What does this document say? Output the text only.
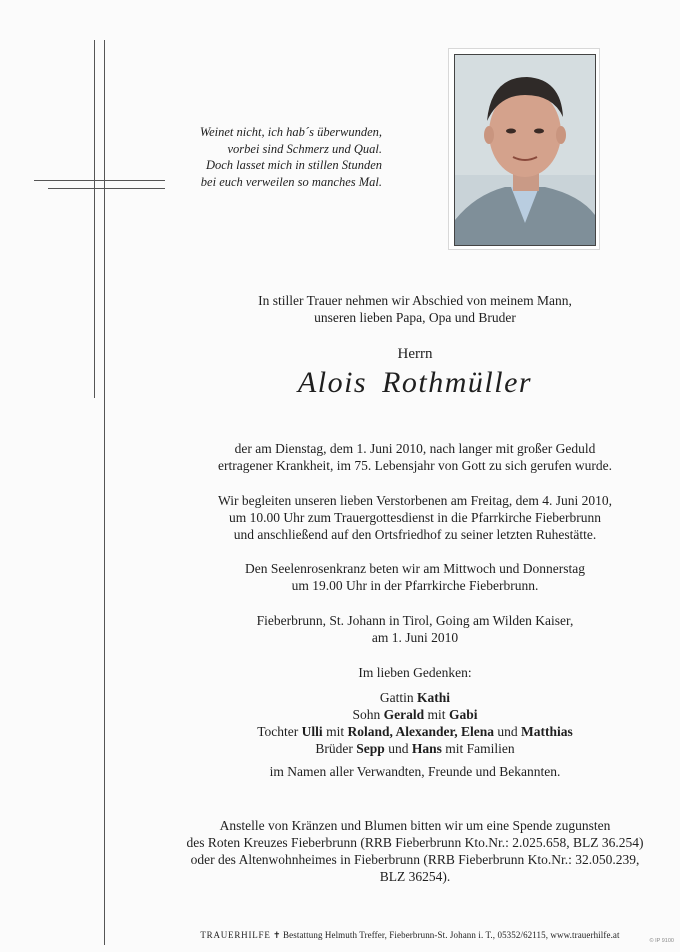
Weinet nicht, ich hab´s überwunden,
vorbei sind Schmerz und Qual.
Doch lasset mich in stillen Stunden
bei euch verweilen so manches Mal.
In stiller Trauer nehmen wir Abschied von meinem Mann,
unseren lieben Papa, Opa und Bruder
Herrn
Alois Rothmüller
der am Dienstag, dem 1. Juni 2010, nach langer mit großer Geduld
ertragener Krankheit, im 75. Lebensjahr von Gott zu sich gerufen wurde.
Wir begleiten unseren lieben Verstorbenen am Freitag, dem 4. Juni 2010,
um 10.00 Uhr zum Trauergottesdienst in die Pfarrkirche Fieberbrunn
und anschließend auf den Ortsfriedhof zu seiner letzten Ruhestätte.
Den Seelenrosenkranz beten wir am Mittwoch und Donnerstag
um 19.00 Uhr in der Pfarrkirche Fieberbrunn.
Fieberbrunn, St. Johann in Tirol, Going am Wilden Kaiser,
am 1. Juni 2010
Im lieben Gedenken:
Gattin Kathi
Sohn Gerald mit Gabi
Tochter Ulli mit Roland, Alexander, Elena und Matthias
Brüder Sepp und Hans mit Familien
im Namen aller Verwandten, Freunde und Bekannten.
Anstelle von Kränzen und Blumen bitten wir um eine Spende zugunsten
des Roten Kreuzes Fieberbrunn (RRB Fieberbrunn Kto.Nr.: 2.025.658, BLZ 36.254)
oder des Altenwohnheimes in Fieberbrunn (RRB Fieberbrunn Kto.Nr.: 32.050.239,
BLZ 36254).
TRAUERHILFE ✝ Bestattung Helmuth Treffer, Fieberbrunn-St. Johann i. T., 05352/62115, www.trauerhilfe.at
© IP 9100
